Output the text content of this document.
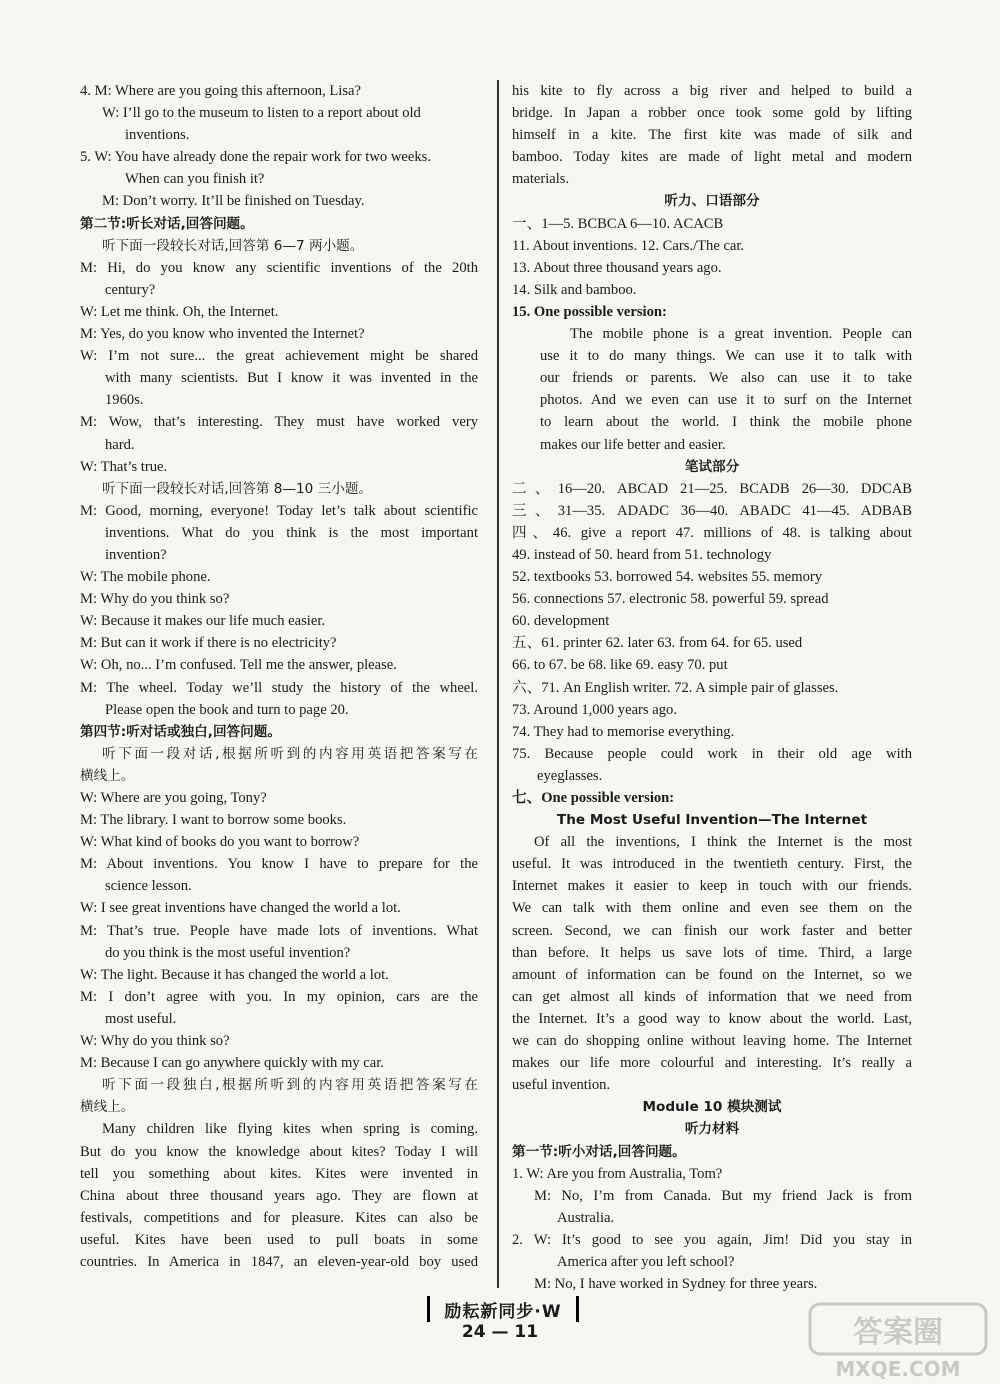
4. M: Where are you going this afternoon, Lisa?
W: I’ll go to the museum to listen to a report about old
inventions.
5. W: You have already done the repair work for two weeks.
When can you finish it?
M: Don’t worry. It’ll be finished on Tuesday.
第二节:听长对话,回答问题。
听下面一段较长对话,回答第 6—7 两小题。
M: Hi, do you know any scientific inventions of the 20th
century?
W: Let me think. Oh, the Internet.
M: Yes, do you know who invented the Internet?
W: I’m not sure... the great achievement might be shared
with many scientists. But I know it was invented in the
1960s.
M: Wow, that’s interesting. They must have worked very
hard.
W: That’s true.
听下面一段较长对话,回答第 8—10 三小题。
M: Good, morning, everyone! Today let’s talk about scientific
inventions. What do you think is the most important
invention?
W: The mobile phone.
M: Why do you think so?
W: Because it makes our life much easier.
M: But can it work if there is no electricity?
W: Oh, no... I’m confused. Tell me the answer, please.
M: The wheel. Today we’ll study the history of the wheel.
Please open the book and turn to page 20.
第四节:听对话或独白,回答问题。
听下面一段对话,根据所听到的内容用英语把答案写在
横线上。
W: Where are you going, Tony?
M: The library. I want to borrow some books.
W: What kind of books do you want to borrow?
M: About inventions. You know I have to prepare for the
science lesson.
W: I see great inventions have changed the world a lot.
M: That’s true. People have made lots of inventions. What
do you think is the most useful invention?
W: The light. Because it has changed the world a lot.
M: I don’t agree with you. In my opinion, cars are the
most useful.
W: Why do you think so?
M: Because I can go anywhere quickly with my car.
听下面一段独白,根据所听到的内容用英语把答案写在
横线上。
Many children like flying kites when spring is coming.
But do you know the knowledge about kites? Today I will
tell you something about kites. Kites were invented in
China about three thousand years ago. They are flown at
festivals, competitions and for pleasure. Kites can also be
useful. Kites have been used to pull boats in some
countries. In America in 1847, an eleven-year-old boy used
his kite to fly across a big river and helped to build a
bridge. In Japan a robber once took some gold by lifting
himself in a kite. The first kite was made of silk and
bamboo. Today kites are made of light metal and modern
materials.
听力、口语部分
一、1—5. BCBCA 6—10. ACACB
11. About inventions. 12. Cars./The car.
13. About three thousand years ago.
14. Silk and bamboo.
15. One possible version:
The mobile phone is a great invention. People can
use it to do many things. We can use it to talk with
our friends or parents. We also can use it to take
photos. And we even can use it to surf on the Internet
to learn about the world. I think the mobile phone
makes our life better and easier.
笔试部分
二、16—20. ABCAD 21—25. BCADB 26—30. DDCAB
三、31—35. ADADC 36—40. ABADC 41—45. ADBAB
四、46. give a report 47. millions of 48. is talking about
49. instead of 50. heard from 51. technology
52. textbooks 53. borrowed 54. websites 55. memory
56. connections 57. electronic 58. powerful 59. spread
60. development
五、61. printer 62. later 63. from 64. for 65. used
66. to 67. be 68. like 69. easy 70. put
六、71. An English writer. 72. A simple pair of glasses.
73. Around 1,000 years ago.
74. They had to memorise everything.
75. Because people could work in their old age with
eyeglasses.
七、One possible version:
The Most Useful Invention—The Internet
Of all the inventions, I think the Internet is the most
useful. It was introduced in the twentieth century. First, the
Internet makes it easier to keep in touch with our friends.
We can talk with them online and even see them on the
screen. Second, we can finish our work faster and better
than before. It helps us save lots of time. Third, a large
amount of information can be found on the Internet, so we
can get almost all kinds of information that we need from
the Internet. It’s a good way to know about the world. Last,
we can do shopping online without leaving home. The Internet
makes our life more colourful and interesting. It’s really a
useful invention.
Module 10 模块测试
听力材料
第一节:听小对话,回答问题。
1. W: Are you from Australia, Tom?
M: No, I’m from Canada. But my friend Jack is from
Australia.
2. W: It’s good to see you again, Jim! Did you stay in
America after you left school?
M: No, I have worked in Sydney for three years.
励耘新同步·W
24 — 11	答案圈
MXQE.COM
